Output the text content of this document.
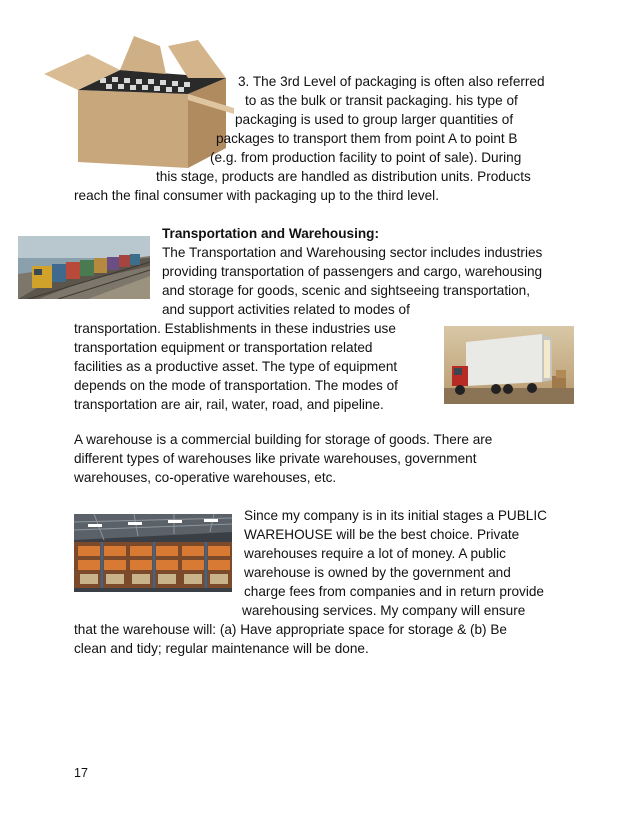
3. The 3rd Level of packaging is often also referred
to as the bulk or transit packaging. his type of
packaging is used to group larger quantities of
packages to transport them from point A to point B
(e.g. from production facility to point of sale). During
this stage, products are handled as distribution units. Products
reach the final consumer with packaging up to the third level.
Transportation and Warehousing:
The Transportation and Warehousing sector includes industries
providing transportation of passengers and cargo, warehousing
and storage for goods, scenic and sightseeing transportation,
and support activities related to modes of
transportation. Establishments in these industries use
transportation equipment or transportation related
facilities as a productive asset. The type of equipment
depends on the mode of transportation. The modes of
transportation are air, rail, water, road, and pipeline.
A warehouse is a commercial building for storage of goods. There are
different types of warehouses like private warehouses, government
warehouses, co-operative warehouses, etc.
Since my company is in its initial stages a PUBLIC
WAREHOUSE will be the best choice. Private
warehouses require a lot of money. A public
warehouse is owned by the government and
charge fees from companies and in return provide
warehousing services. My company will ensure
that the warehouse will: (a) Have appropriate space for storage & (b) Be
clean and tidy; regular maintenance will be done.
17
